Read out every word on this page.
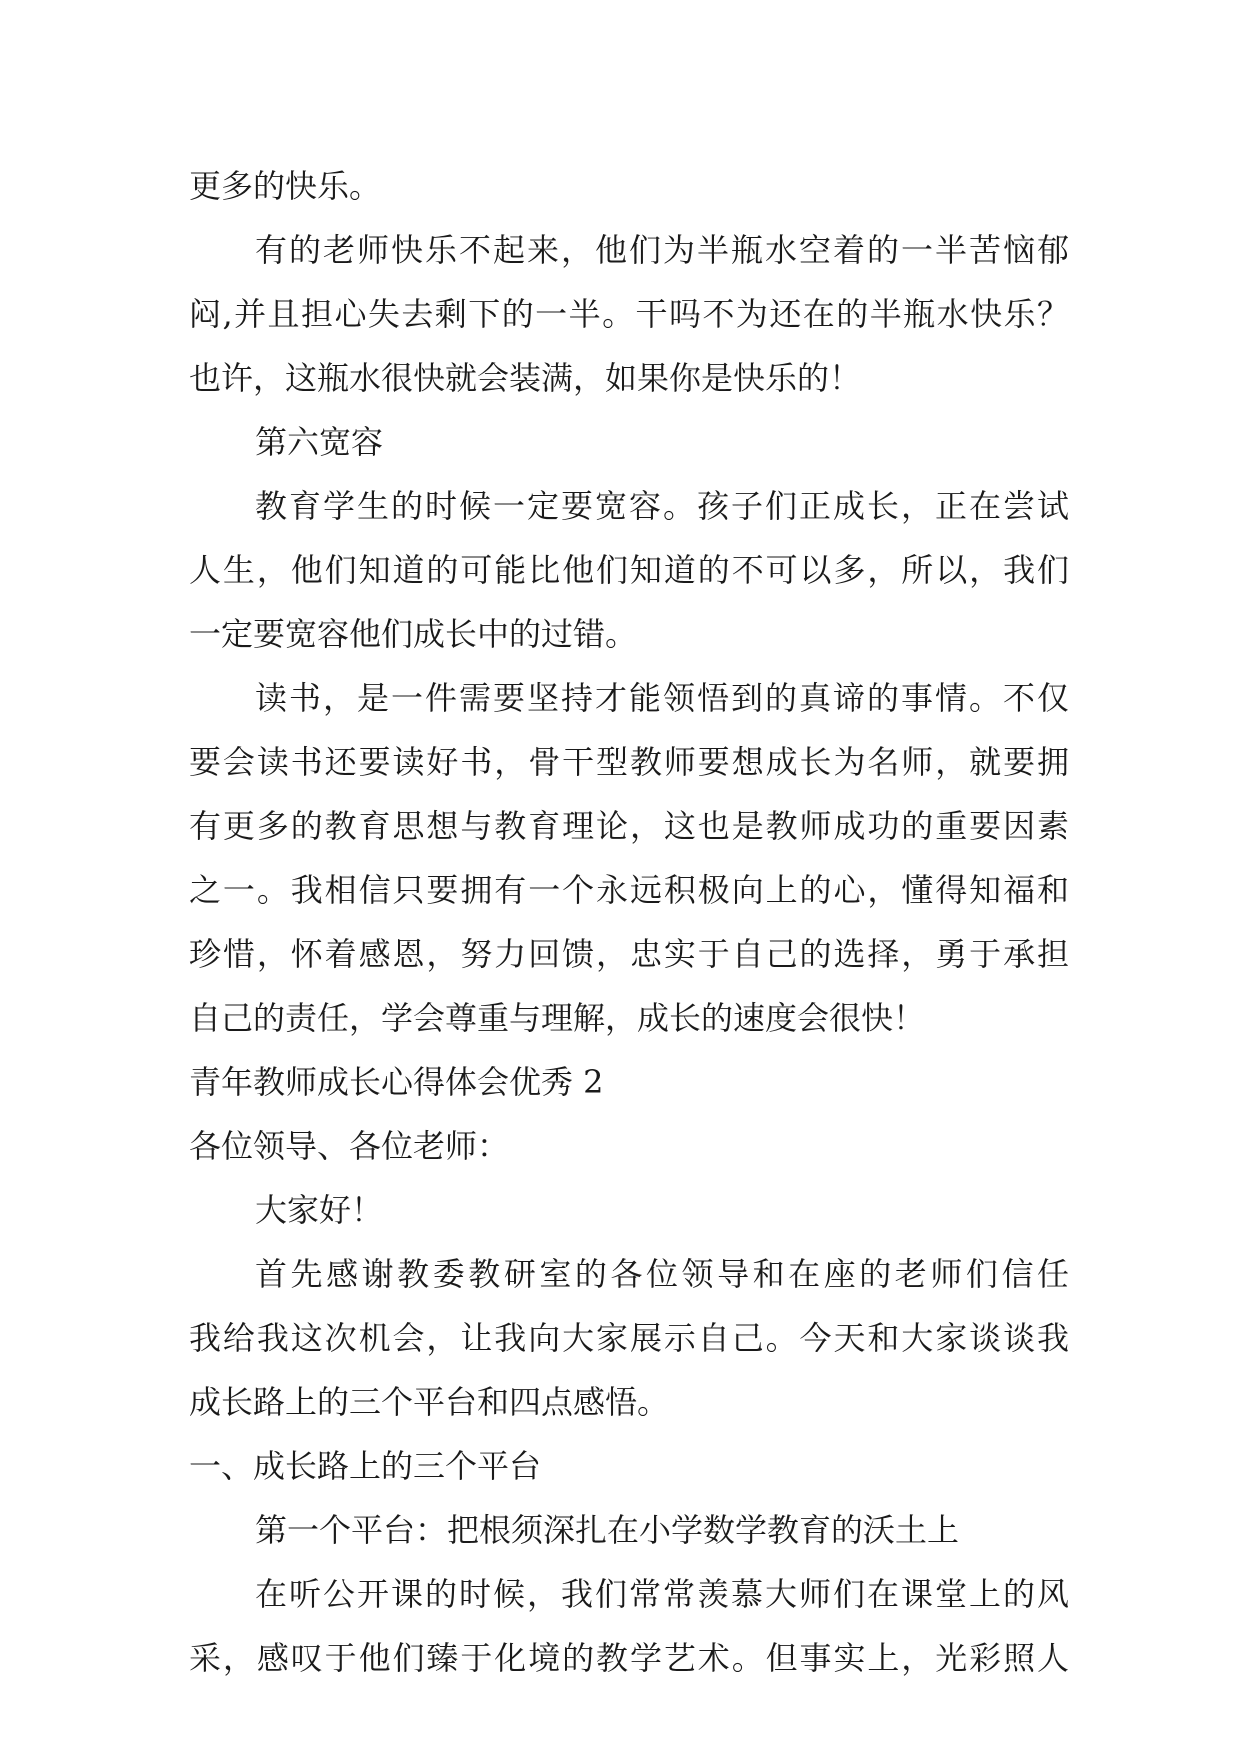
更多的快乐。
有的老师快乐不起来，他们为半瓶水空着的一半苦恼郁
闷,并且担心失去剩下的一半。干吗不为还在的半瓶水快乐？
也许，这瓶水很快就会装满，如果你是快乐的！
第六宽容
教育学生的时候一定要宽容。孩子们正成长，正在尝试
人生，他们知道的可能比他们知道的不可以多，所以，我们
一定要宽容他们成长中的过错。
读书，是一件需要坚持才能领悟到的真谛的事情。不仅
要会读书还要读好书，骨干型教师要想成长为名师，就要拥
有更多的教育思想与教育理论，这也是教师成功的重要因素
之一。我相信只要拥有一个永远积极向上的心，懂得知福和
珍惜，怀着感恩，努力回馈，忠实于自己的选择，勇于承担
自己的责任，学会尊重与理解，成长的速度会很快！
青年教师成长心得体会优秀 2
各位领导、各位老师：
大家好！
首先感谢教委教研室的各位领导和在座的老师们信任
我给我这次机会，让我向大家展示自己。今天和大家谈谈我
成长路上的三个平台和四点感悟。
一、成长路上的三个平台
第一个平台：把根须深扎在小学数学教育的沃土上
在听公开课的时候，我们常常羡慕大师们在课堂上的风
采，感叹于他们臻于化境的教学艺术。但事实上，光彩照人
